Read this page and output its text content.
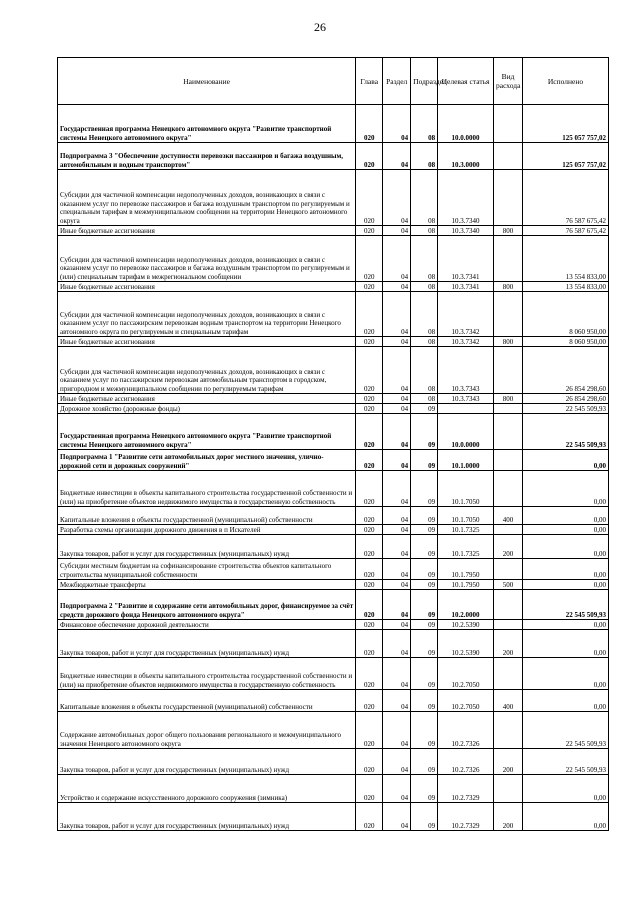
26
Наименование	Глава	Раздел	Подраздел	Целевая статья	Вид расхода	Исполнено
Государственная программа Ненецкого автономного округа "Развитие транспортной системы Ненецкого автономного округа"	020	04	08	10.0.0000		125 057 757,02
Подпрограмма 3 "Обеспечение доступности перевозки пассажиров и багажа воздушным, автомобильным и водным транспортом"	020	04	08	10.3.0000		125 057 757,02
Субсидии для частичной компенсации недополученных доходов, возникающих в связи с оказанием услуг по перевозке пассажиров и багажа воздушным транспортом по регулируемым и специальным тарифам в межмуниципальном сообщении на территории Ненецкого автономного округа	020	04	08	10.3.7340		76 587 675,42
Иные бюджетные ассигнования	020	04	08	10.3.7340	800	76 587 675,42
Субсидии для частичной компенсации недополученных доходов, возникающих в связи с оказанием услуг по перевозке пассажиров и багажа воздушным транспортом по регулируемым и (или) специальным тарифам в межрегиональном сообщении	020	04	08	10.3.7341		13 554 833,00
Иные бюджетные ассигнования	020	04	08	10.3.7341	800	13 554 833,00
Субсидии для частичной компенсации недополученных доходов, возникающих в связи с оказанием услуг по пассажирским перевозкам водным транспортом на территории Ненецкого автономного округа по регулируемым и специальным тарифам	020	04	08	10.3.7342		8 060 950,00
Иные бюджетные ассигнования	020	04	08	10.3.7342	800	8 060 950,00
Субсидии для частичной компенсации недополученных доходов, возникающих в связи с оказанием услуг по пассажирским перевозкам автомобильным транспортом в городском, пригородном и межмуниципальном сообщении по регулируемым тарифам	020	04	08	10.3.7343		26 854 298,60
Иные бюджетные ассигнования	020	04	08	10.3.7343	800	26 854 298,60
Дорожное хозяйство (дорожные фонды)	020	04	09			22 545 509,93
Государственная программа Ненецкого автономного округа "Развитие транспортной системы Ненецкого автономного округа"	020	04	09	10.0.0000		22 545 509,93
Подпрограмма 1 "Развитие сети автомобильных дорог местного значения, улично-дорожной сети и дорожных сооружений"	020	04	09	10.1.0000		0,00
Бюджетные инвестиции в объекты капитального строительства государственной собственности и (или) на приобретение объектов недвижимого имущества в государственную собственность	020	04	09	10.1.7050		0,00
Капитальные вложения в объекты государственной (муниципальной) собственности	020	04	09	10.1.7050	400	0,00
Разработка схемы организации дорожного движения в п Искателей	020	04	09	10.1.7325		0,00
Закупка товаров, работ и услуг для государственных (муниципальных) нужд	020	04	09	10.1.7325	200	0,00
Субсидии местным бюджетам на софинансирование строительства объектов капитального строительства муниципальной собственности	020	04	09	10.1.7950		0,00
Межбюджетные трансферты	020	04	09	10.1.7950	500	0,00
Подпрограмма 2 "Развитие и содержание сети автомобильных дорог, финансируемое за счёт средств дорожного фонда Ненецкого автономного округа"	020	04	09	10.2.0000		22 545 509,93
Финансовое обеспечение дорожной деятельности	020	04	09	10.2.5390		0,00
Закупка товаров, работ и услуг для государственных (муниципальных) нужд	020	04	09	10.2.5390	200	0,00
Бюджетные инвестиции в объекты капитального строительства государственной собственности и (или) на приобретение объектов недвижимого имущества в государственную собственность	020	04	09	10.2.7050		0,00
Капитальные вложения в объекты государственной (муниципальной) собственности	020	04	09	10.2.7050	400	0,00
Содержание автомобильных дорог общего пользования регионального и межмуниципального значения Ненецкого автономного округа	020	04	09	10.2.7326		22 545 509,93
Закупка товаров, работ и услуг для государственных (муниципальных) нужд	020	04	09	10.2.7326	200	22 545 509,93
Устройство и содержание искусственного дорожного сооружения (зимника)	020	04	09	10.2.7329		0,00
Закупка товаров, работ и услуг для государственных (муниципальных) нужд	020	04	09	10.2.7329	200	0,00
